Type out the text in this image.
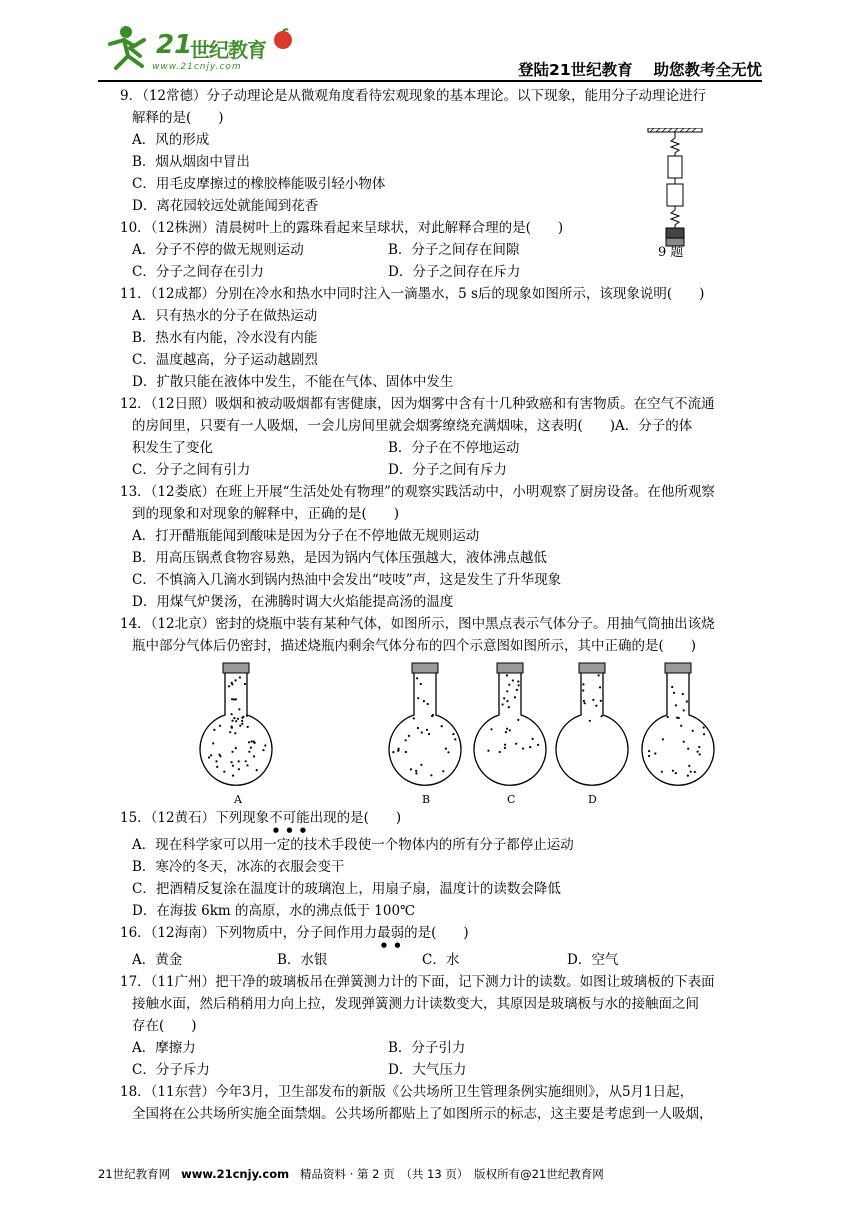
21
世纪教育
www.21cnjy.com	登陆21世纪教育　 助您教考全无忧
9．（12常德）分子动理论是从微观角度看待宏观现象的基本理论。以下现象，能用分子动理论进行
解释的是(　　)
A．风的形成
B．烟从烟囱中冒出
C．用毛皮摩擦过的橡胶棒能吸引轻小物体
D．离花园较远处就能闻到花香
10．（12株洲）清晨树叶上的露珠看起来呈球状，对此解释合理的是(　　)
A．分子不停的做无规则运动	B．分子之间存在间隙
C．分子之间存在引力	D．分子之间存在斥力
11．（12成都）分别在冷水和热水中同时注入一滴墨水，5 s后的现象如图所示，该现象说明(　　)
A．只有热水的分子在做热运动
B．热水有内能，冷水没有内能
C．温度越高，分子运动越剧烈
D．扩散只能在液体中发生，不能在气体、固体中发生
12．（12日照）吸烟和被动吸烟都有害健康，因为烟雾中含有十几种致癌和有害物质。在空气不流通
的房间里，只要有一人吸烟，一会儿房间里就会烟雾缭绕充满烟味，这表明(　　)A．分子的体
积发生了变化	B．分子在不停地运动
C．分子之间有引力	D．分子之间有斥力
13．（12娄底）在班上开展“生活处处有物理”的观察实践活动中，小明观察了厨房设备。在他所观察
到的现象和对现象的解释中，正确的是(　　)
A．打开醋瓶能闻到酸味是因为分子在不停地做无规则运动
B．用高压锅煮食物容易熟，是因为锅内气体压强越大，液体沸点越低
C．不慎滴入几滴水到锅内热油中会发出“吱吱”声，这是发生了升华现象
D．用煤气炉煲汤，在沸腾时调大火焰能提高汤的温度
14．（12北京）密封的烧瓶中装有某种气体，如图所示，图中黑点表示气体分子。用抽气筒抽出该烧
瓶中部分气体后仍密封，描述烧瓶内剩余气体分布的四个示意图如图所示，其中正确的是(　　)
A	B	C	D
15．（12黄石）下列现象不可能出现的是(　　)
A．现在科学家可以用一定的技术手段使一个物体内的所有分子都停止运动
B．寒冷的冬天，冰冻的衣服会变干
C．把酒精反复涂在温度计的玻璃泡上，用扇子扇，温度计的读数会降低
D．在海拔 6km 的高原，水的沸点低于 100℃
16．（12海南）下列物质中，分子间作用力最弱的是(　　)
A．黄金	B．水银	C．水	D．空气
17．（11广州）把干净的玻璃板吊在弹簧测力计的下面，记下测力计的读数。如图让玻璃板的下表面
接触水面，然后稍稍用力向上拉，发现弹簧测力计读数变大，其原因是玻璃板与水的接触面之间
存在(　　)
A．摩擦力	B．分子引力
C．分子斥力	D．大气压力
18．（11东营）今年3月，卫生部发布的新版《公共场所卫生管理条例实施细则》，从5月1日起，
全国将在公共场所实施全面禁烟。公共场所都贴上了如图所示的标志，这主要是考虑到一人吸烟，
9 题
21世纪教育网 www.21cnjy.com 精品资料 · 第 2 页　（共 13 页）　版权所有@21世纪教育网
